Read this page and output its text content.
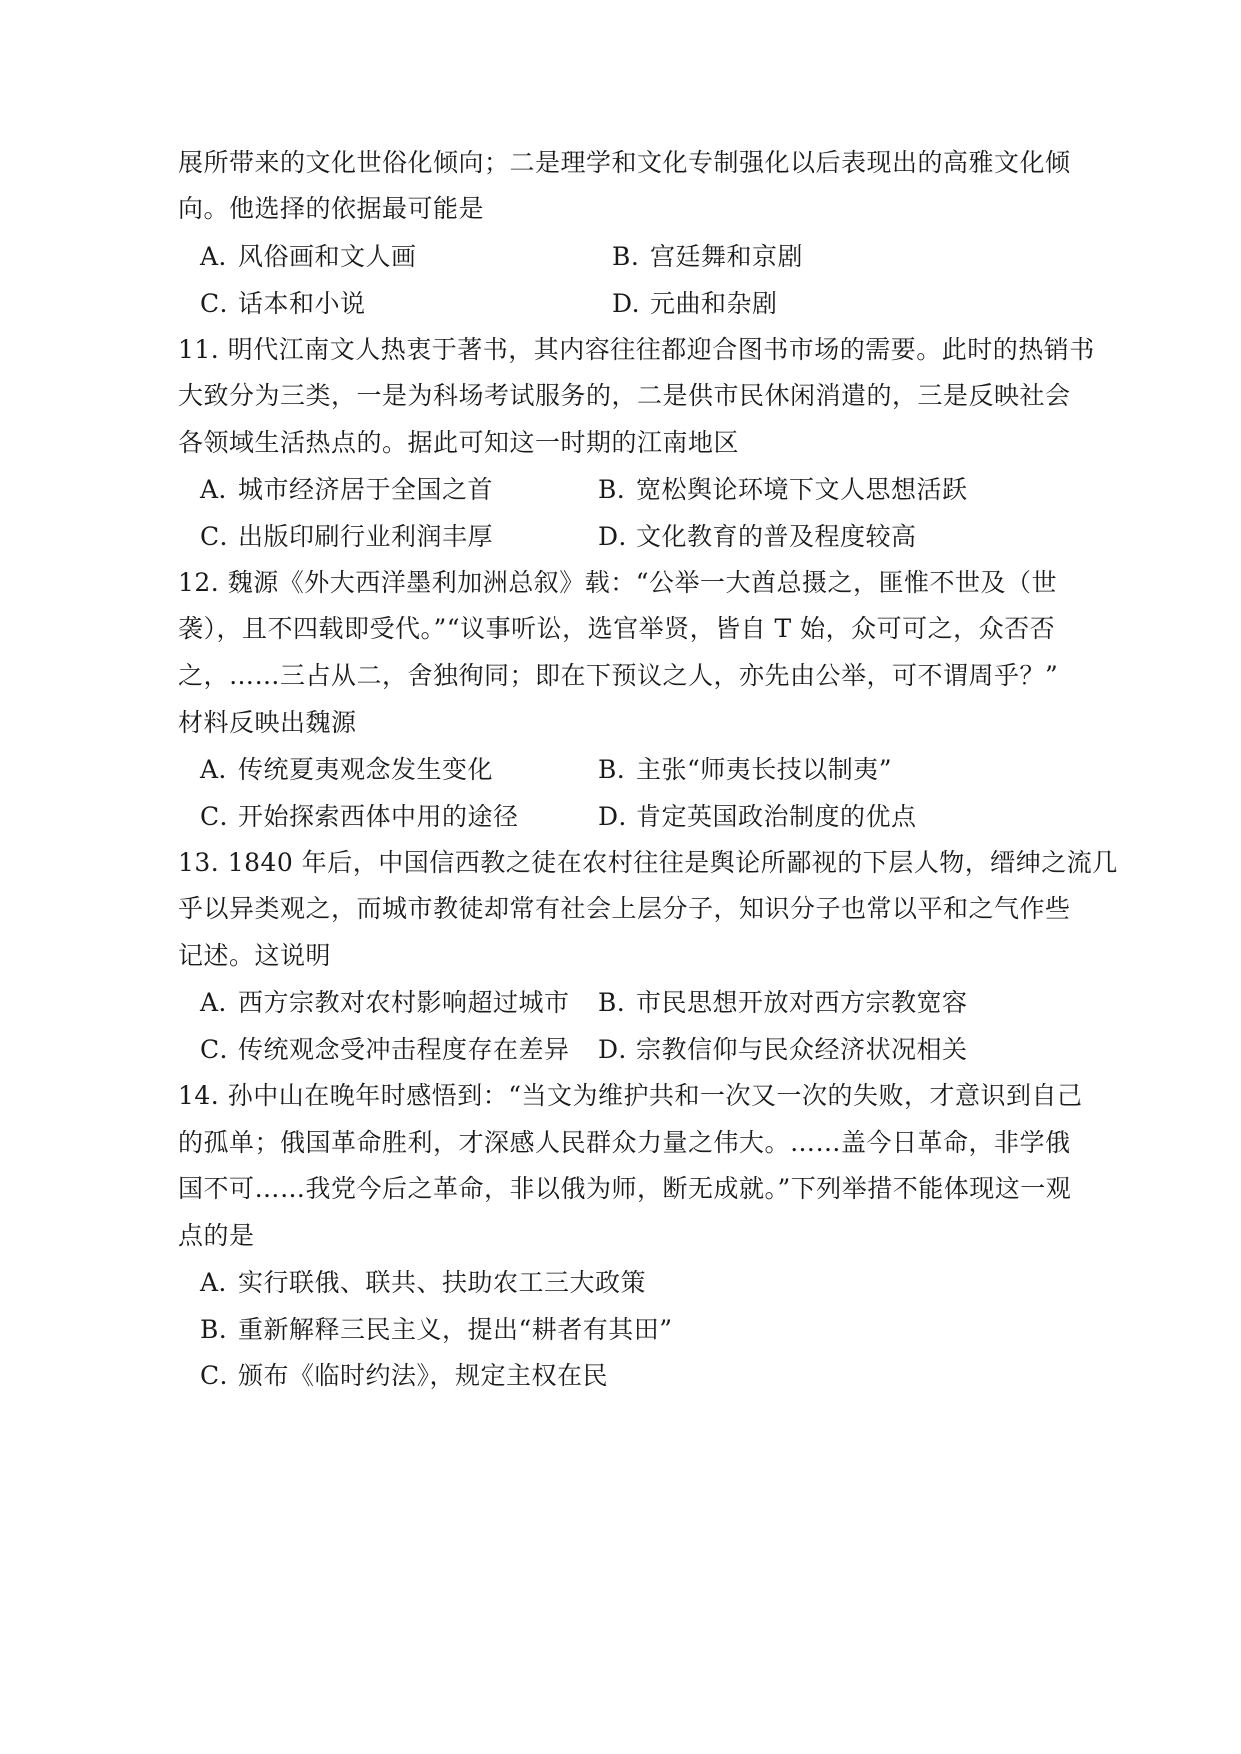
展所带来的文化世俗化倾向；二是理学和文化专制强化以后表现出的高雅文化倾
向。他选择的依据最可能是
A．风俗画和文人画	B. 宫廷舞和京剧
C．话本和小说	D. 元曲和杂剧
11. 明代江南文人热衷于著书，其内容往往都迎合图书市场的需要。此时的热销书
大致分为三类，一是为科场考试服务的，二是供市民休闲消遣的，三是反映社会
各领域生活热点的。据此可知这一时期的江南地区
A．城市经济居于全国之首	B．宽松舆论环境下文人思想活跃
C．出版印刷行业利润丰厚	D．文化教育的普及程度较高
12. 魏源《外大西洋墨利加洲总叙》载：“公举一大酋总摄之，匪惟不世及（世
袭），且不四载即受代。”“议事听讼，选官举贤，皆自 T 始，众可可之，众否否
之，……三占从二，舍独徇同；即在下预议之人，亦先由公举，可不谓周乎？”
材料反映出魏源
A．传统夏夷观念发生变化	B．主张“师夷长技以制夷”
C．开始探索西体中用的途径	D．肯定英国政治制度的优点
13. 1840 年后，中国信西教之徒在农村往往是舆论所鄙视的下层人物，缙绅之流几
乎以异类观之，而城市教徒却常有社会上层分子，知识分子也常以平和之气作些
记述。这说明
A．西方宗教对农村影响超过城市 B．市民思想开放对西方宗教宽容
C．传统观念受冲击程度存在差异 D．宗教信仰与民众经济状况相关
14. 孙中山在晚年时感悟到：“当文为维护共和一次又一次的失败，才意识到自己
的孤单；俄国革命胜利，才深感人民群众力量之伟大。……盖今日革命，非学俄
国不可……我党今后之革命，非以俄为师，断无成就。”下列举措不能体现这一观
点的是
A．实行联俄、联共、扶助农工三大政策
B．重新解释三民主义，提出“耕者有其田”
C．颁布《临时约法》，规定主权在民
